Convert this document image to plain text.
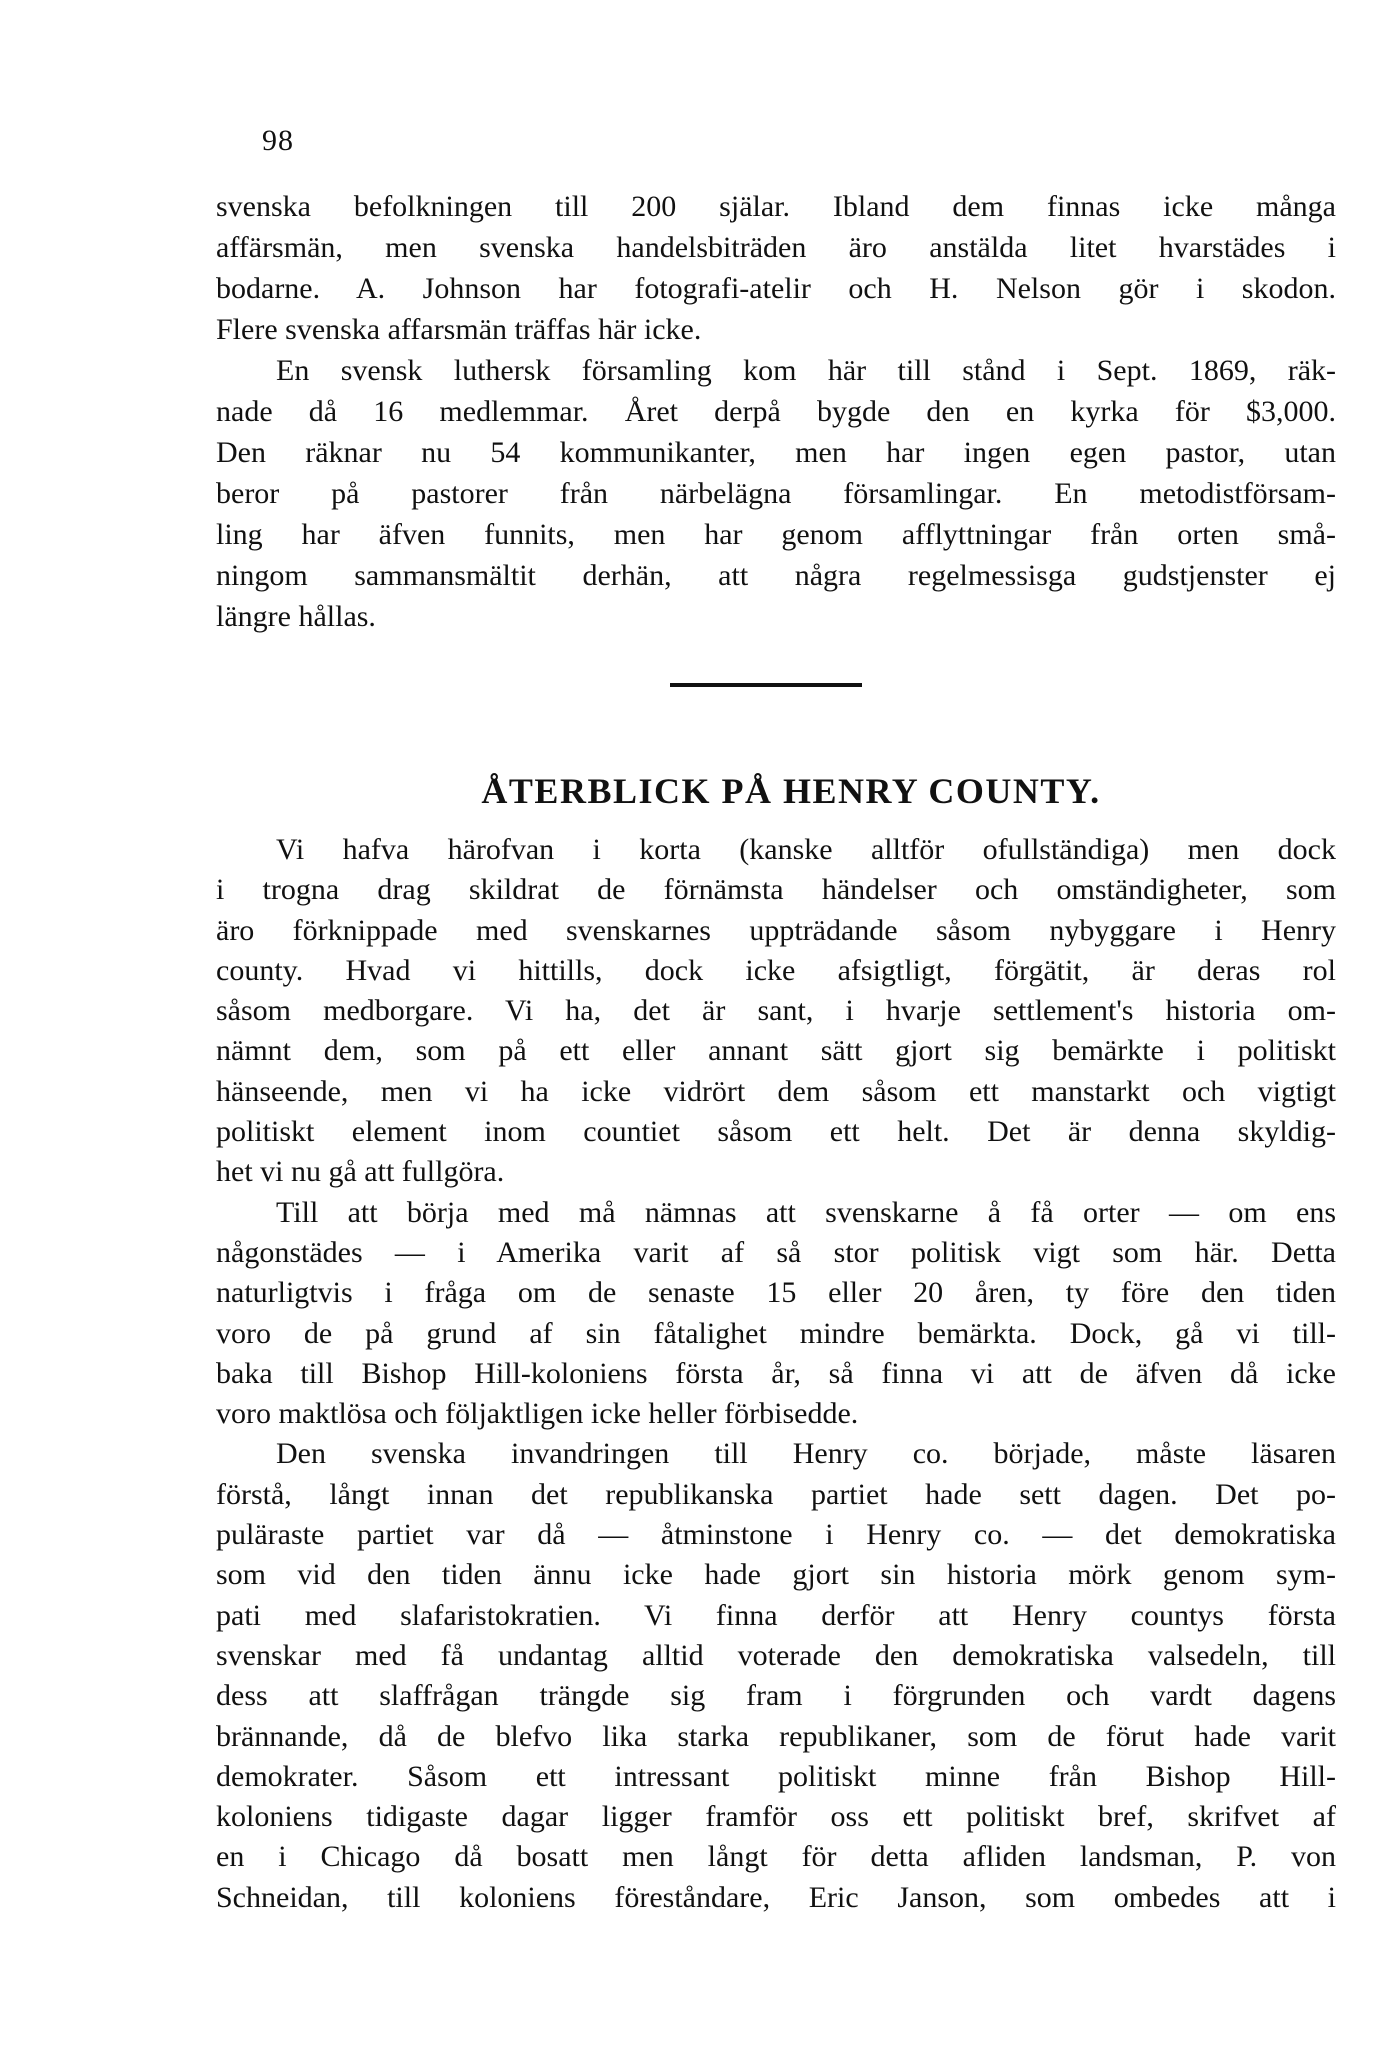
98
svenska befolkningen till 200 själar. Ibland dem finnas icke många
affärsmän, men svenska handelsbiträden äro anstälda litet hvarstädes i
bodarne. A. Johnson har fotografi-atelir och H. Nelson gör i skodon.
Flere svenska affarsmän träffas här icke.
En svensk luthersk församling kom här till stånd i Sept. 1869, räk-
nade då 16 medlemmar. Året derpå bygde den en kyrka för $3,000.
Den räknar nu 54 kommunikanter, men har ingen egen pastor, utan
beror på pastorer från närbelägna församlingar. En metodistförsam-
ling har äfven funnits, men har genom afflyttningar från orten små-
ningom sammansmältit derhän, att några regelmessisga gudstjenster ej
längre hållas.
ÅTERBLICK PÅ HENRY COUNTY.
Vi hafva härofvan i korta (kanske alltför ofullständiga) men dock
i trogna drag skildrat de förnämsta händelser och omständigheter, som
äro förknippade med svenskarnes uppträdande såsom nybyggare i Henry
county. Hvad vi hittills, dock icke afsigtligt, förgätit, är deras rol
såsom medborgare. Vi ha, det är sant, i hvarje settlement's historia om-
nämnt dem, som på ett eller annant sätt gjort sig bemärkte i politiskt
hänseende, men vi ha icke vidrört dem såsom ett manstarkt och vigtigt
politiskt element inom countiet såsom ett helt. Det är denna skyldig-
het vi nu gå att fullgöra.
Till att börja med må nämnas att svenskarne å få orter — om ens
någonstädes — i Amerika varit af så stor politisk vigt som här. Detta
naturligtvis i fråga om de senaste 15 eller 20 åren, ty före den tiden
voro de på grund af sin fåtalighet mindre bemärkta. Dock, gå vi till-
baka till Bishop Hill-koloniens första år, så finna vi att de äfven då icke
voro maktlösa och följaktligen icke heller förbisedde.
Den svenska invandringen till Henry co. började, måste läsaren
förstå, långt innan det republikanska partiet hade sett dagen. Det po-
puläraste partiet var då — åtminstone i Henry co. — det demokratiska
som vid den tiden ännu icke hade gjort sin historia mörk genom sym-
pati med slafaristokratien. Vi finna derför att Henry countys första
svenskar med få undantag alltid voterade den demokratiska valsedeln, till
dess att slaffrågan trängde sig fram i förgrunden och vardt dagens
brännande, då de blefvo lika starka republikaner, som de förut hade varit
demokrater. Såsom ett intressant politiskt minne från Bishop Hill-
koloniens tidigaste dagar ligger framför oss ett politiskt bref, skrifvet af
en i Chicago då bosatt men långt för detta afliden landsman, P. von
Schneidan, till koloniens föreståndare, Eric Janson, som ombedes att i
